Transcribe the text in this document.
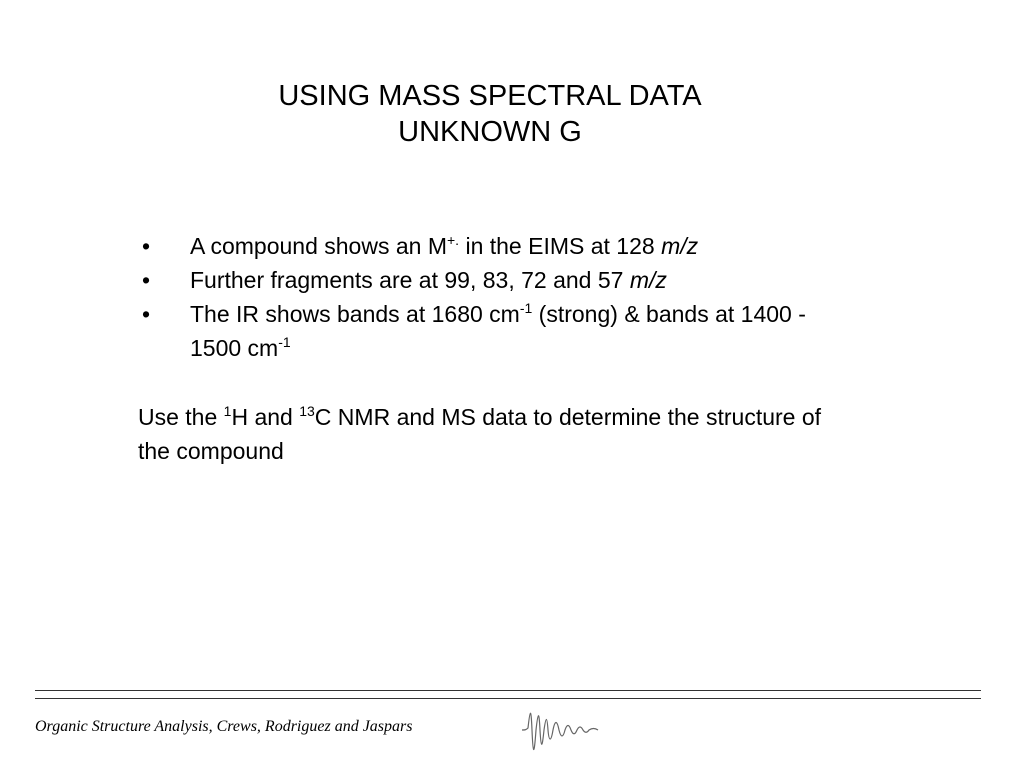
USING MASS SPECTRAL DATA
UNKNOWN G
•	A compound shows an M+. in the EIMS at 128 m/z
•	Further fragments are at 99, 83, 72 and 57 m/z
•	The IR shows bands at 1680 $cm^{-1}$ (strong) & bands at 1400 - 1500 $cm^{-1}$
Use the $^1$H and $^{13}$C NMR and MS data to determine the structure of the compound
Organic Structure Analysis, Crews, Rodriguez and Jaspars
